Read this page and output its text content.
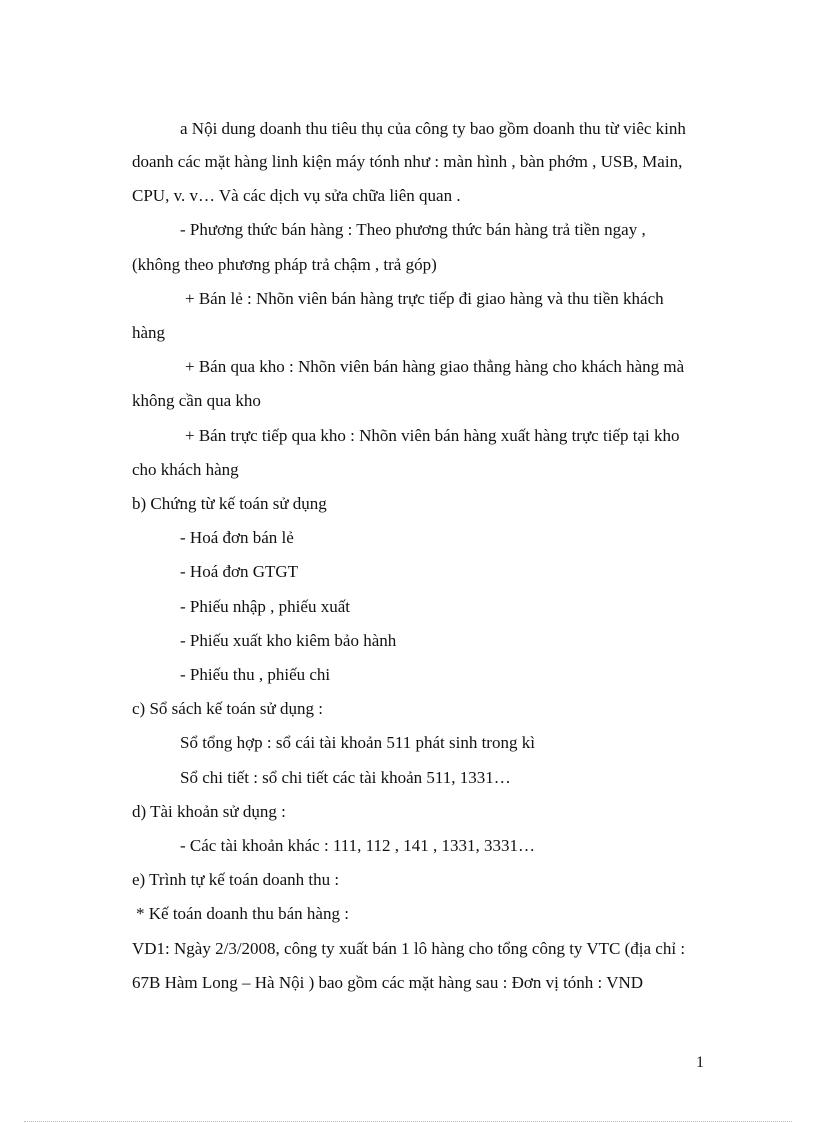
a Nội dung doanh thu tiêu thụ của công ty bao gồm doanh thu từ viêc kinh
doanh các mặt hàng linh kiện máy tónh như : màn hình , bàn phớm , USB, Main,
CPU, v. v… Và các dịch vụ sửa chữa liên quan .
- Phương thức bán hàng : Theo phương thức bán hàng trả tiền ngay ,
(không theo phương pháp trả chậm , trả góp)
+ Bán lẻ : Nhõn viên bán hàng trực tiếp đi giao hàng và thu tiền khách
hàng
+ Bán qua kho : Nhõn viên bán hàng giao thẳng hàng cho khách hàng mà
không cần qua kho
+ Bán trực tiếp qua kho : Nhõn viên bán hàng xuất hàng trực tiếp tại kho
cho khách hàng
b) Chứng từ kế toán sử dụng
- Hoá đơn bán lẻ
- Hoá đơn GTGT
- Phiếu nhập , phiếu xuất
- Phiếu xuất kho kiêm bảo hành
- Phiếu thu , phiếu chi
c) Sổ sách kế toán sử dụng :
Sổ tổng hợp : sổ cái tài khoản 511 phát sinh trong kì
Sổ chi tiết : sổ chi tiết các tài khoản 511, 1331…
d) Tài khoản sử dụng :
- Các tài khoản khác : 111, 112 , 141 , 1331, 3331…
e) Trình tự kế toán doanh thu :
* Kế toán doanh thu bán hàng :
VD1: Ngày 2/3/2008, công ty xuất bán 1 lô hàng cho tổng công ty VTC (địa chỉ :
67B Hàm Long – Hà Nội ) bao gồm các mặt hàng sau : Đơn vị tónh : VND
1
